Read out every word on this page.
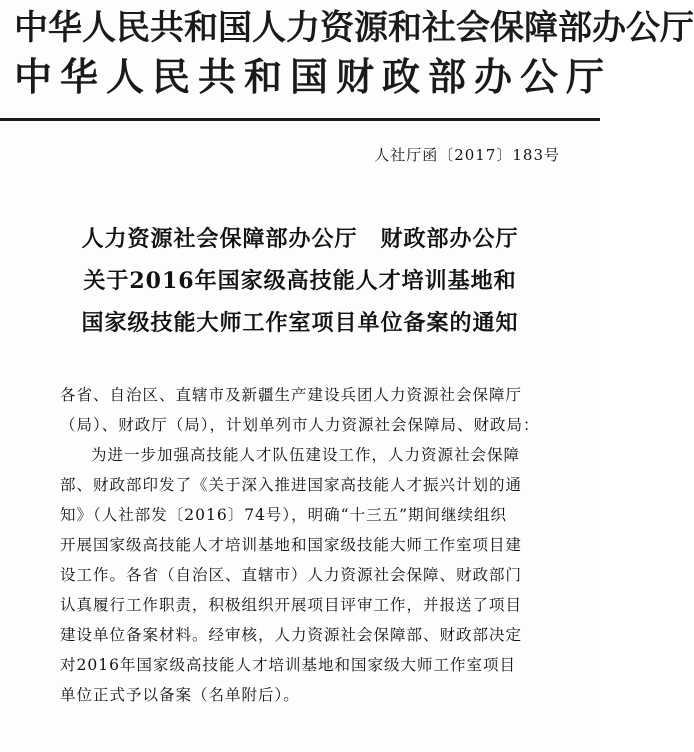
中华人民共和国人力资源和社会保障部办公厅
中华人民共和国财政部办公厅
人社厅函〔2017〕183号
人力资源社会保障部办公厅　财政部办公厅
关于2016年国家级高技能人才培训基地和
国家级技能大师工作室项目单位备案的通知
各省、自治区、直辖市及新疆生产建设兵团人力资源社会保障厅
（局）、财政厅（局），计划单列市人力资源社会保障局、财政局：
为进一步加强高技能人才队伍建设工作，人力资源社会保障
部、财政部印发了《关于深入推进国家高技能人才振兴计划的通
知》（人社部发〔2016〕74号），明确“十三五”期间继续组织
开展国家级高技能人才培训基地和国家级技能大师工作室项目建
设工作。各省（自治区、直辖市）人力资源社会保障、财政部门
认真履行工作职责，积极组织开展项目评审工作，并报送了项目
建设单位备案材料。经审核，人力资源社会保障部、财政部决定
对2016年国家级高技能人才培训基地和国家级大师工作室项目
单位正式予以备案（名单附后）。
